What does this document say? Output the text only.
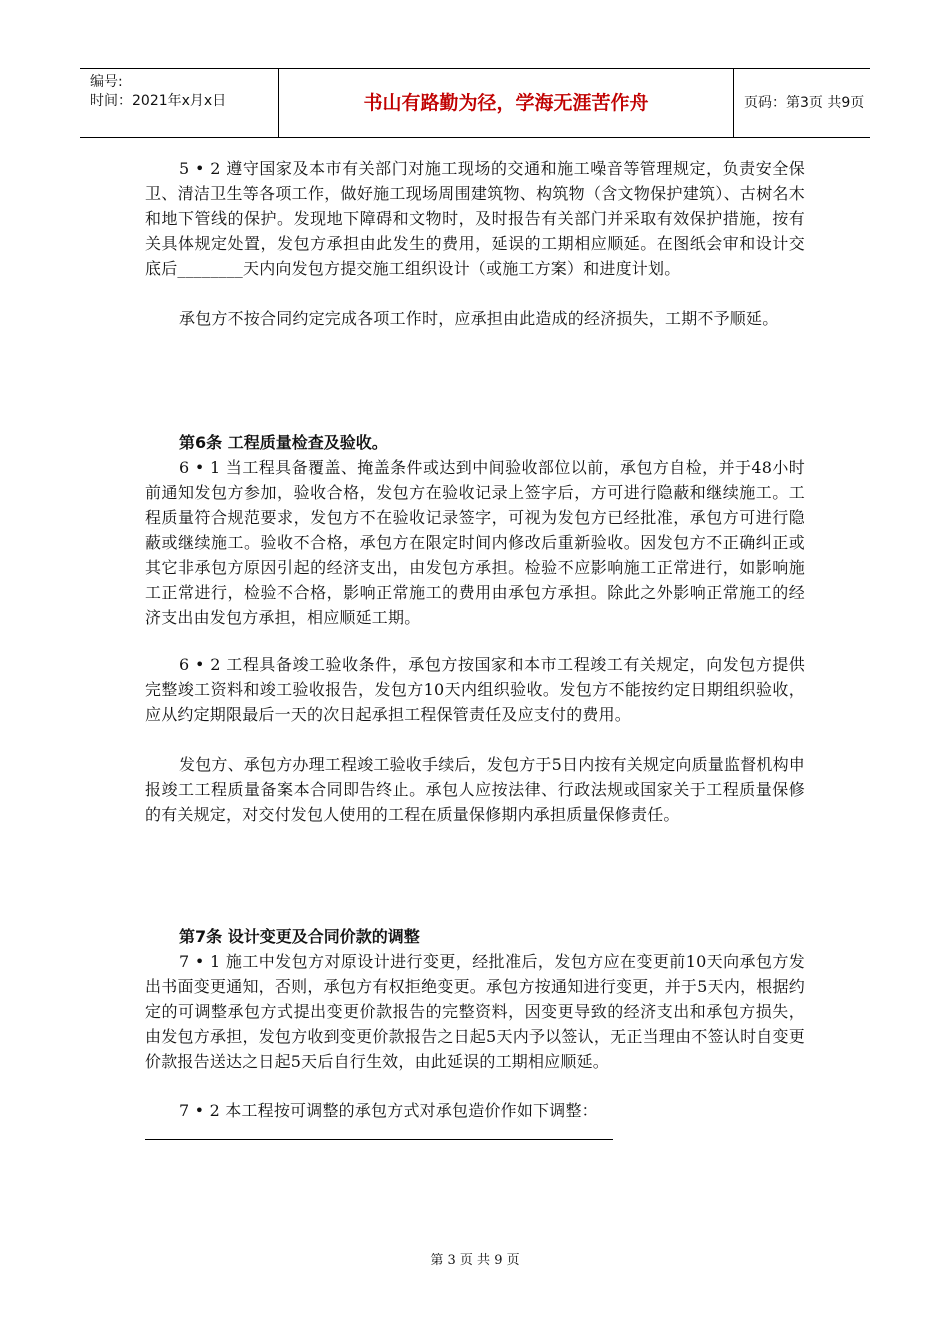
编号:
时间：2021年x月x日	书山有路勤为径，学海无涯苦作舟	页码：第3页 共9页

5 • 2 遵守国家及本市有关部门对施工现场的交通和施工噪音等管理规定，负责安全保卫、清洁卫生等各项工作，做好施工现场周围建筑物、构筑物（含文物保护建筑）、古树名木和地下管线的保护。发现地下障碍和文物时，及时报告有关部门并采取有效保护措施，按有关具体规定处置，发包方承担由此发生的费用，延误的工期相应顺延。在图纸会审和设计交底后________天内向发包方提交施工组织设计（或施工方案）和进度计划。

承包方不按合同约定完成各项工作时，应承担由此造成的经济损失，工期不予顺延。

第6条 工程质量检查及验收。

6 • 1 当工程具备覆盖、掩盖条件或达到中间验收部位以前，承包方自检，并于48小时前通知发包方参加，验收合格，发包方在验收记录上签字后，方可进行隐蔽和继续施工。工程质量符合规范要求，发包方不在验收记录签字，可视为发包方已经批准，承包方可进行隐蔽或继续施工。验收不合格，承包方在限定时间内修改后重新验收。因发包方不正确纠正或其它非承包方原因引起的经济支出，由发包方承担。检验不应影响施工正常进行，如影响施工正常进行，检验不合格，影响正常施工的费用由承包方承担。除此之外影响正常施工的经济支出由发包方承担，相应顺延工期。

6 • 2 工程具备竣工验收条件，承包方按国家和本市工程竣工有关规定，向发包方提供完整竣工资料和竣工验收报告，发包方10天内组织验收。发包方不能按约定日期组织验收，应从约定期限最后一天的次日起承担工程保管责任及应支付的费用。

发包方、承包方办理工程竣工验收手续后，发包方于5日内按有关规定向质量监督机构申报竣工工程质量备案本合同即告终止。承包人应按法律、行政法规或国家关于工程质量保修的有关规定，对交付发包人使用的工程在质量保修期内承担质量保修责任。

第7条 设计变更及合同价款的调整

7 • 1 施工中发包方对原设计进行变更，经批准后，发包方应在变更前10天向承包方发出书面变更通知，否则，承包方有权拒绝变更。承包方按通知进行变更，并于5天内，根据约定的可调整承包方式提出变更价款报告的完整资料，因变更导致的经济支出和承包方损失，由发包方承担，发包方收到变更价款报告之日起5天内予以签认，无正当理由不签认时自变更价款报告送达之日起5天后自行生效，由此延误的工期相应顺延。

7 • 2 本工程按可调整的承包方式对承包造价作如下调整：

第 3 页 共 9 页
